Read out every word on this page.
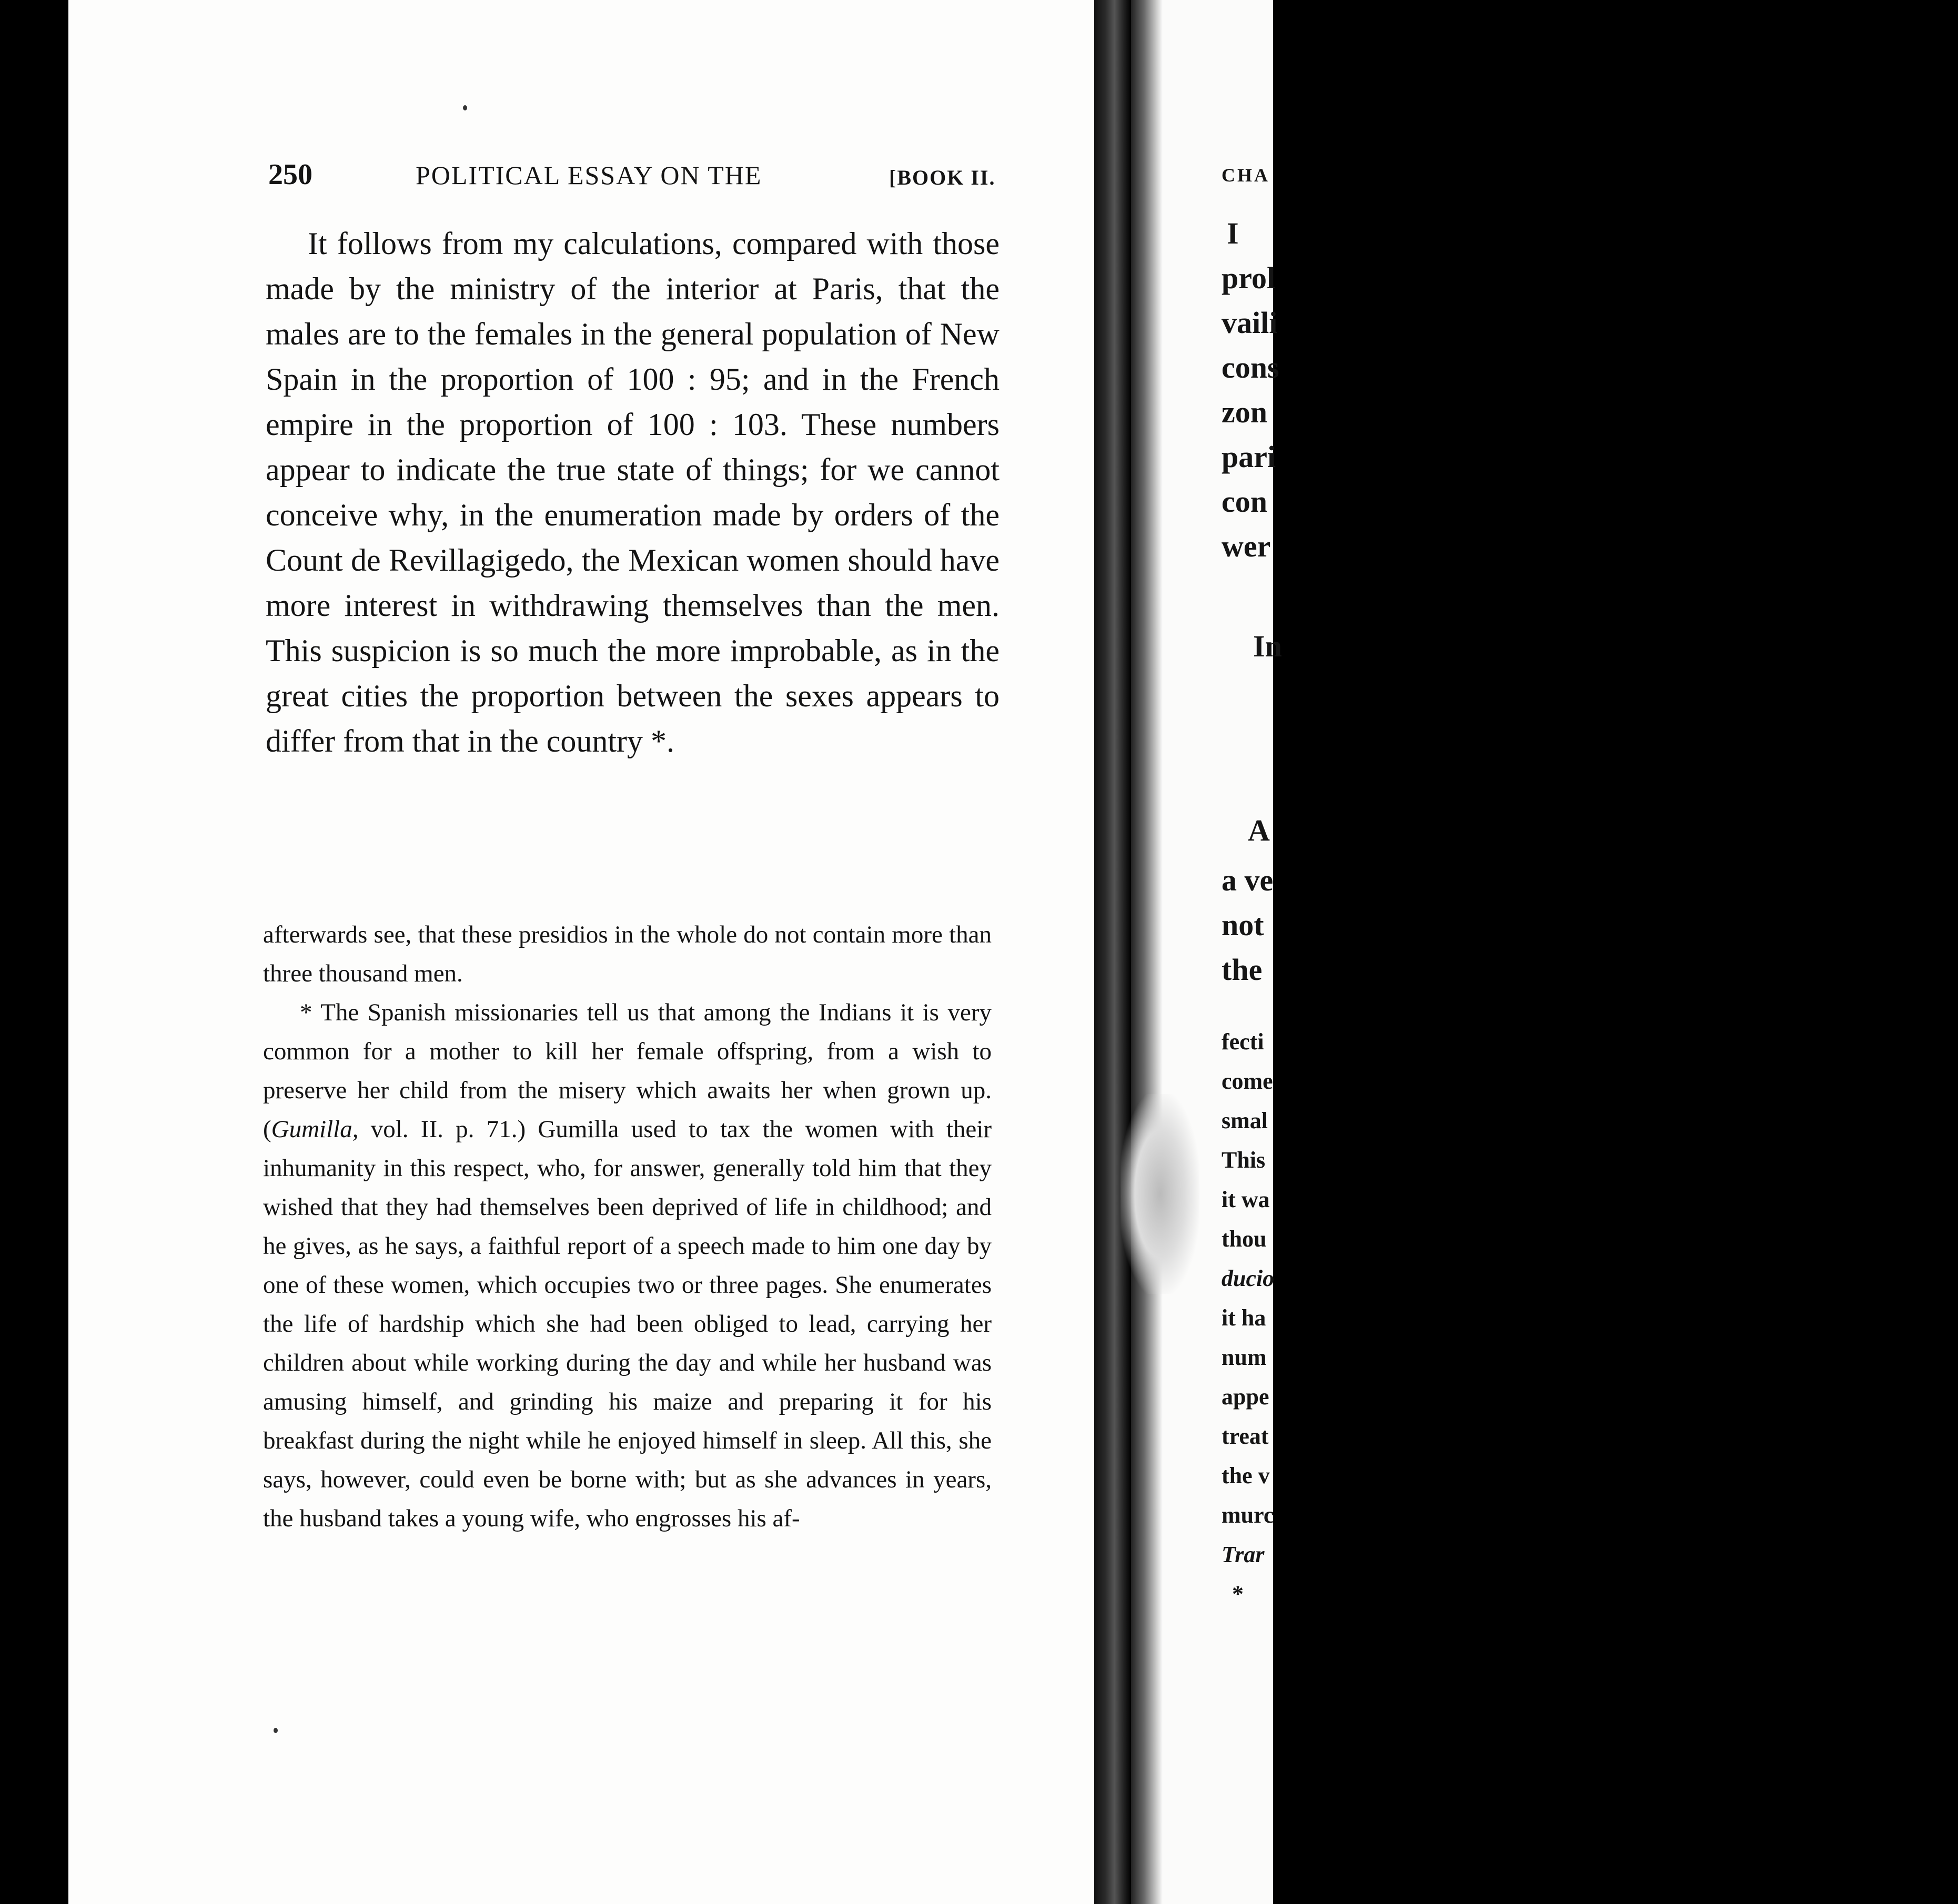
250	POLITICAL ESSAY ON THE	[BOOK II.

It follows from my calculations, compared with those made by the ministry of the interior at Paris, that the males are to the females in the general population of New Spain in the proportion of 100 : 95; and in the French empire in the proportion of 100 : 103. These numbers appear to indicate the true state of things; for we cannot conceive why, in the enumeration made by orders of the Count de Revillagigedo, the Mexican women should have more interest in withdrawing themselves than the men. This suspicion is so much the more improbable, as in the great cities the proportion between the sexes appears to differ from that in the country *.

afterwards see, that these presidios in the whole do not contain more than three thousand men.

* The Spanish missionaries tell us that among the Indians it is very common for a mother to kill her female offspring, from a wish to preserve her child from the misery which awaits her when grown up. (Gumilla, vol. II. p. 71.) Gumilla used to tax the women with their inhumanity in this respect, who, for answer, generally told him that they wished that they had themselves been deprived of life in childhood; and he gives, as he says, a faithful report of a speech made to him one day by one of these women, which occupies two or three pages. She enumerates the life of hardship which she had been obliged to lead, carrying her children about while working during the day and while her husband was amusing himself, and grinding his maize and preparing it for his breakfast during the night while he enjoyed himself in sleep. All this, she says, however, could even be borne with; but as she advances in years, the husband takes a young wife, who engrosses his af-

CHA
I
prol
vaili
cons
zon
pari
con
wer
In
A
a ve
not
the
fecti
come
smal
This
it wa
thou
ducio
it ha
num
appe
treat
the v
murc
Trar
*
